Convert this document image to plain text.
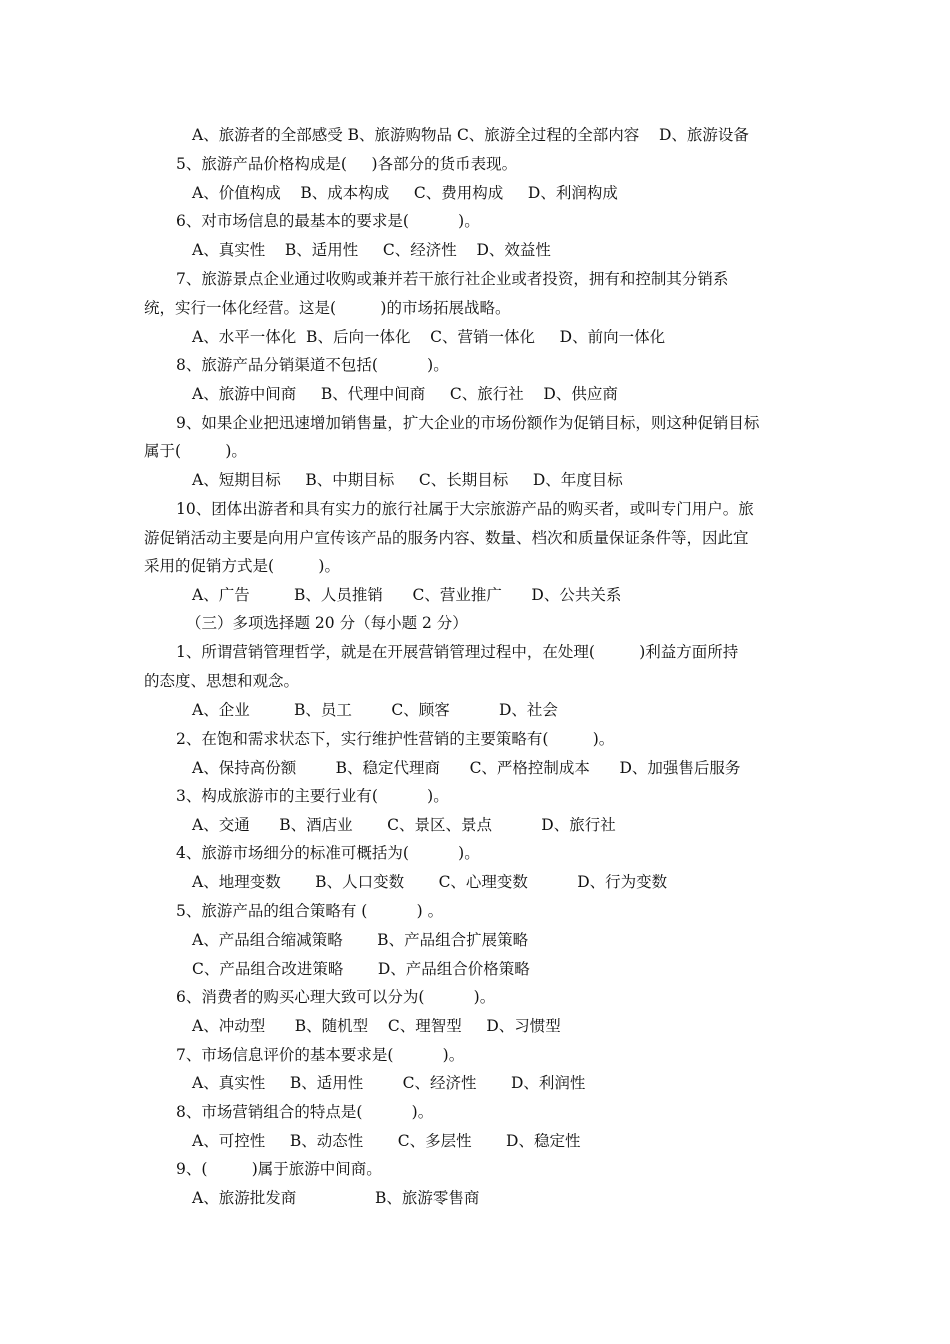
A、旅游者的全部感受 B、旅游购物品 C、旅游全过程的全部内容    D、旅游设备
5、旅游产品价格构成是(     )各部分的货币表现。
A、价值构成    B、成本构成     C、费用构成     D、利润构成
6、对市场信息的最基本的要求是(          )。
A、真实性    B、适用性     C、经济性    D、效益性
7、旅游景点企业通过收购或兼并若干旅行社企业或者投资，拥有和控制其分销系
统，实行一体化经营。这是(         )的市场拓展战略。
A、水平一体化  B、后向一体化    C、营销一体化     D、前向一体化
8、旅游产品分销渠道不包括(          )。
A、旅游中间商     B、代理中间商     C、旅行社    D、供应商
9、如果企业把迅速增加销售量，扩大企业的市场份额作为促销目标，则这种促销目标
属于(         )。
A、短期目标     B、中期目标     C、长期目标     D、年度目标
10、团体出游者和具有实力的旅行社属于大宗旅游产品的购买者，或叫专门用户。旅
游促销活动主要是向用户宣传该产品的服务内容、数量、档次和质量保证条件等，因此宜
采用的促销方式是(         )。
A、广告         B、人员推销      C、营业推广      D、公共关系
（三）多项选择题 20 分（每小题 2 分）
1、所谓营销管理哲学，就是在开展营销管理过程中，在处理(         )利益方面所持
的态度、思想和观念。
A、企业         B、员工        C、顾客          D、社会
2、在饱和需求状态下，实行维护性营销的主要策略有(         )。
A、保持高份额        B、稳定代理商      C、严格控制成本      D、加强售后服务
3、构成旅游市的主要行业有(          )。
A、交通      B、酒店业       C、景区、景点          D、旅行社
4、旅游市场细分的标准可概括为(          )。
A、地理变数       B、人口变数       C、心理变数          D、行为变数
5、旅游产品的组合策略有 (          ) 。
A、产品组合缩减策略       B、产品组合扩展策略
C、产品组合改进策略       D、产品组合价格策略
6、消费者的购买心理大致可以分为(          )。
A、冲动型      B、随机型    C、理智型     D、习惯型
7、市场信息评价的基本要求是(          )。
A、真实性     B、适用性        C、经济性       D、利润性
8、市场营销组合的特点是(          )。
A、可控性     B、动态性       C、多层性       D、稳定性
9、(         )属于旅游中间商。
A、旅游批发商                B、旅游零售商
